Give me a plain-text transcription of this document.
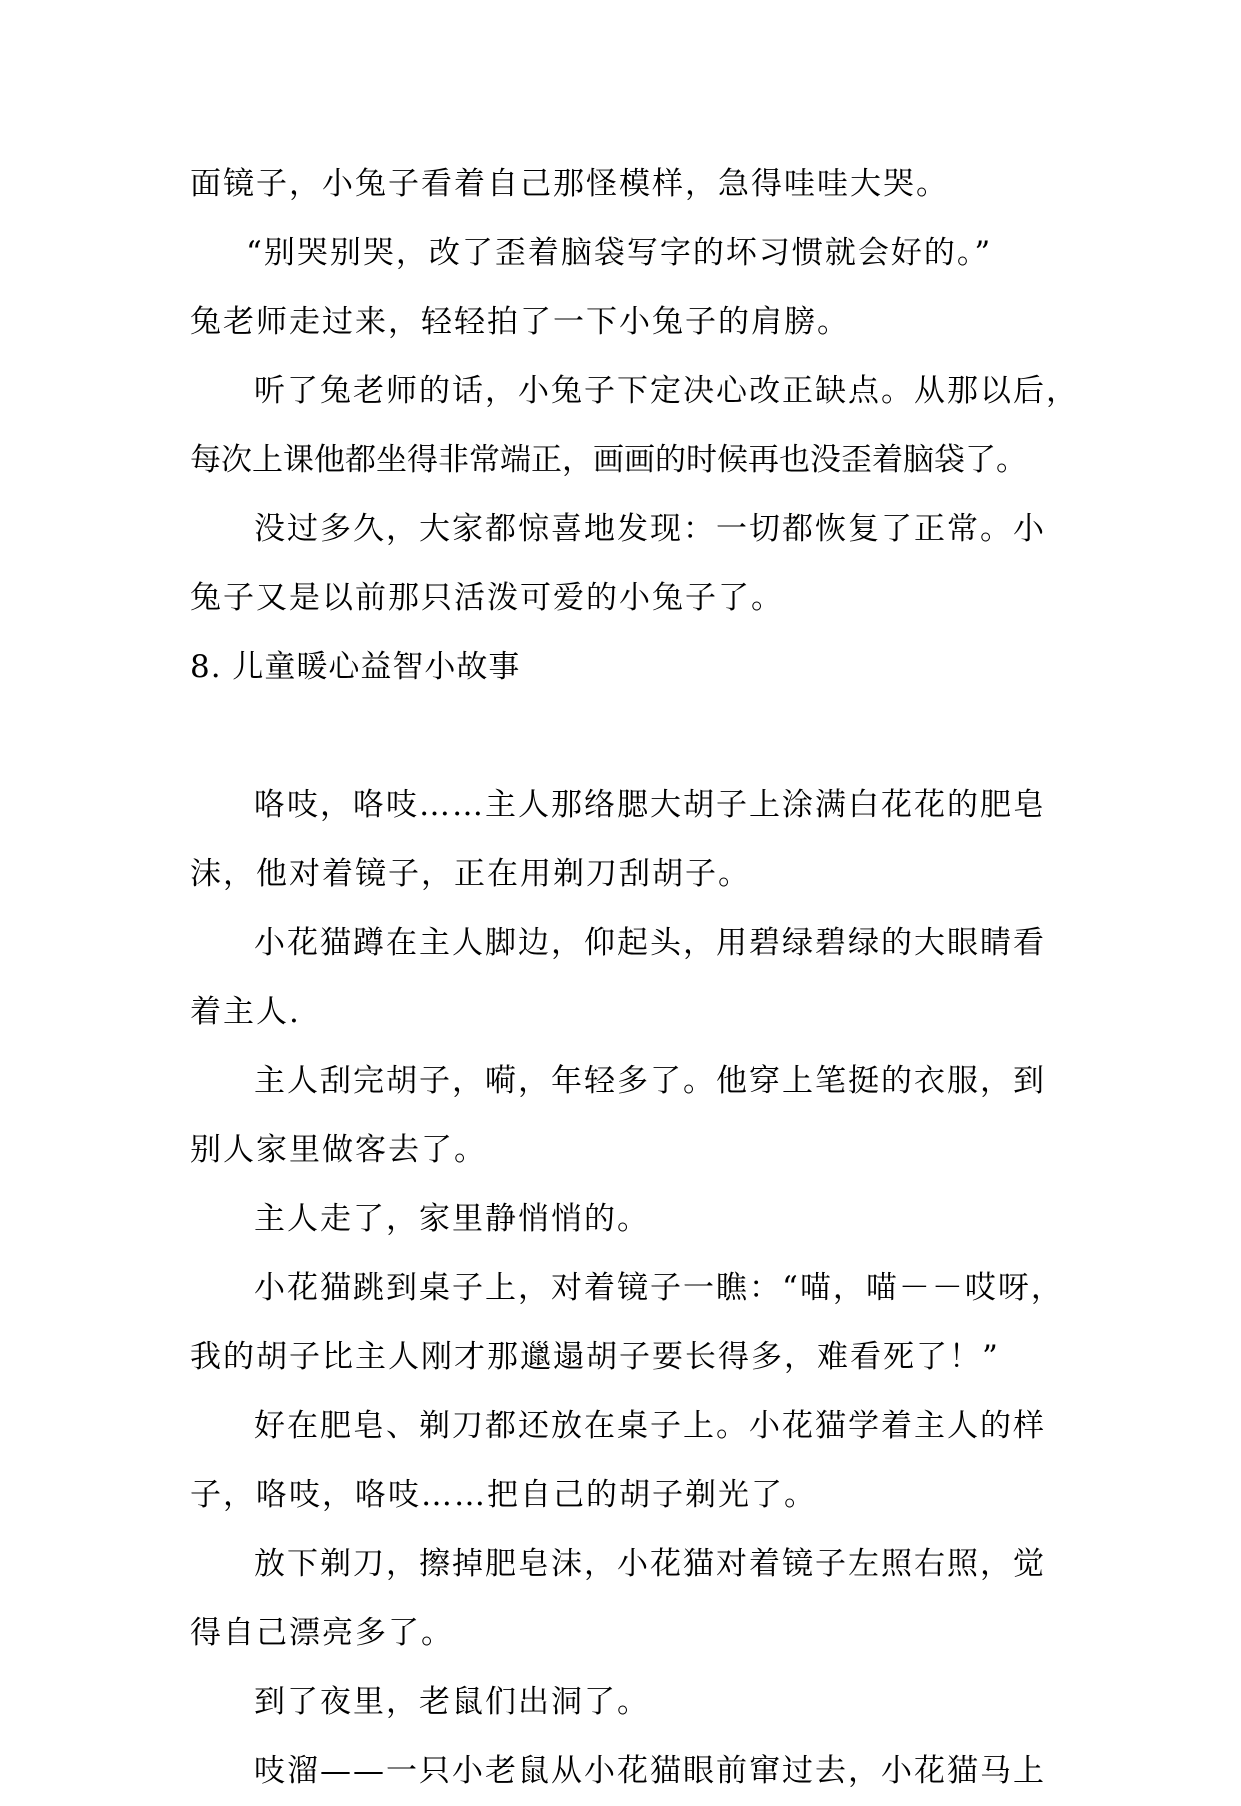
面镜子，小兔子看着自己那怪模样，急得哇哇大哭。
“别哭别哭，改了歪着脑袋写字的坏习惯就会好的。”
兔老师走过来，轻轻拍了一下小兔子的肩膀。
听了兔老师的话，小兔子下定决心改正缺点。从那以后，
每次上课他都坐得非常端正，画画的时候再也没歪着脑袋了。
没过多久，大家都惊喜地发现：一切都恢复了正常。小
兔子又是以前那只活泼可爱的小兔子了。
8. 儿童暖心益智小故事
咯吱，咯吱……主人那络腮大胡子上涂满白花花的肥皂
沫，他对着镜子，正在用剃刀刮胡子。
小花猫蹲在主人脚边，仰起头，用碧绿碧绿的大眼睛看
着主人.
主人刮完胡子，嗬，年轻多了。他穿上笔挺的衣服，到
别人家里做客去了。
主人走了，家里静悄悄的。
小花猫跳到桌子上，对着镜子一瞧：“喵，喵－－哎呀，
我的胡子比主人刚才那邋遢胡子要长得多，难看死了！”
好在肥皂、剃刀都还放在桌子上。小花猫学着主人的样
子，咯吱，咯吱……把自己的胡子剃光了。
放下剃刀，擦掉肥皂沫，小花猫对着镜子左照右照，觉
得自己漂亮多了。
到了夜里，老鼠们出洞了。
吱溜——一只小老鼠从小花猫眼前窜过去，小花猫马上
